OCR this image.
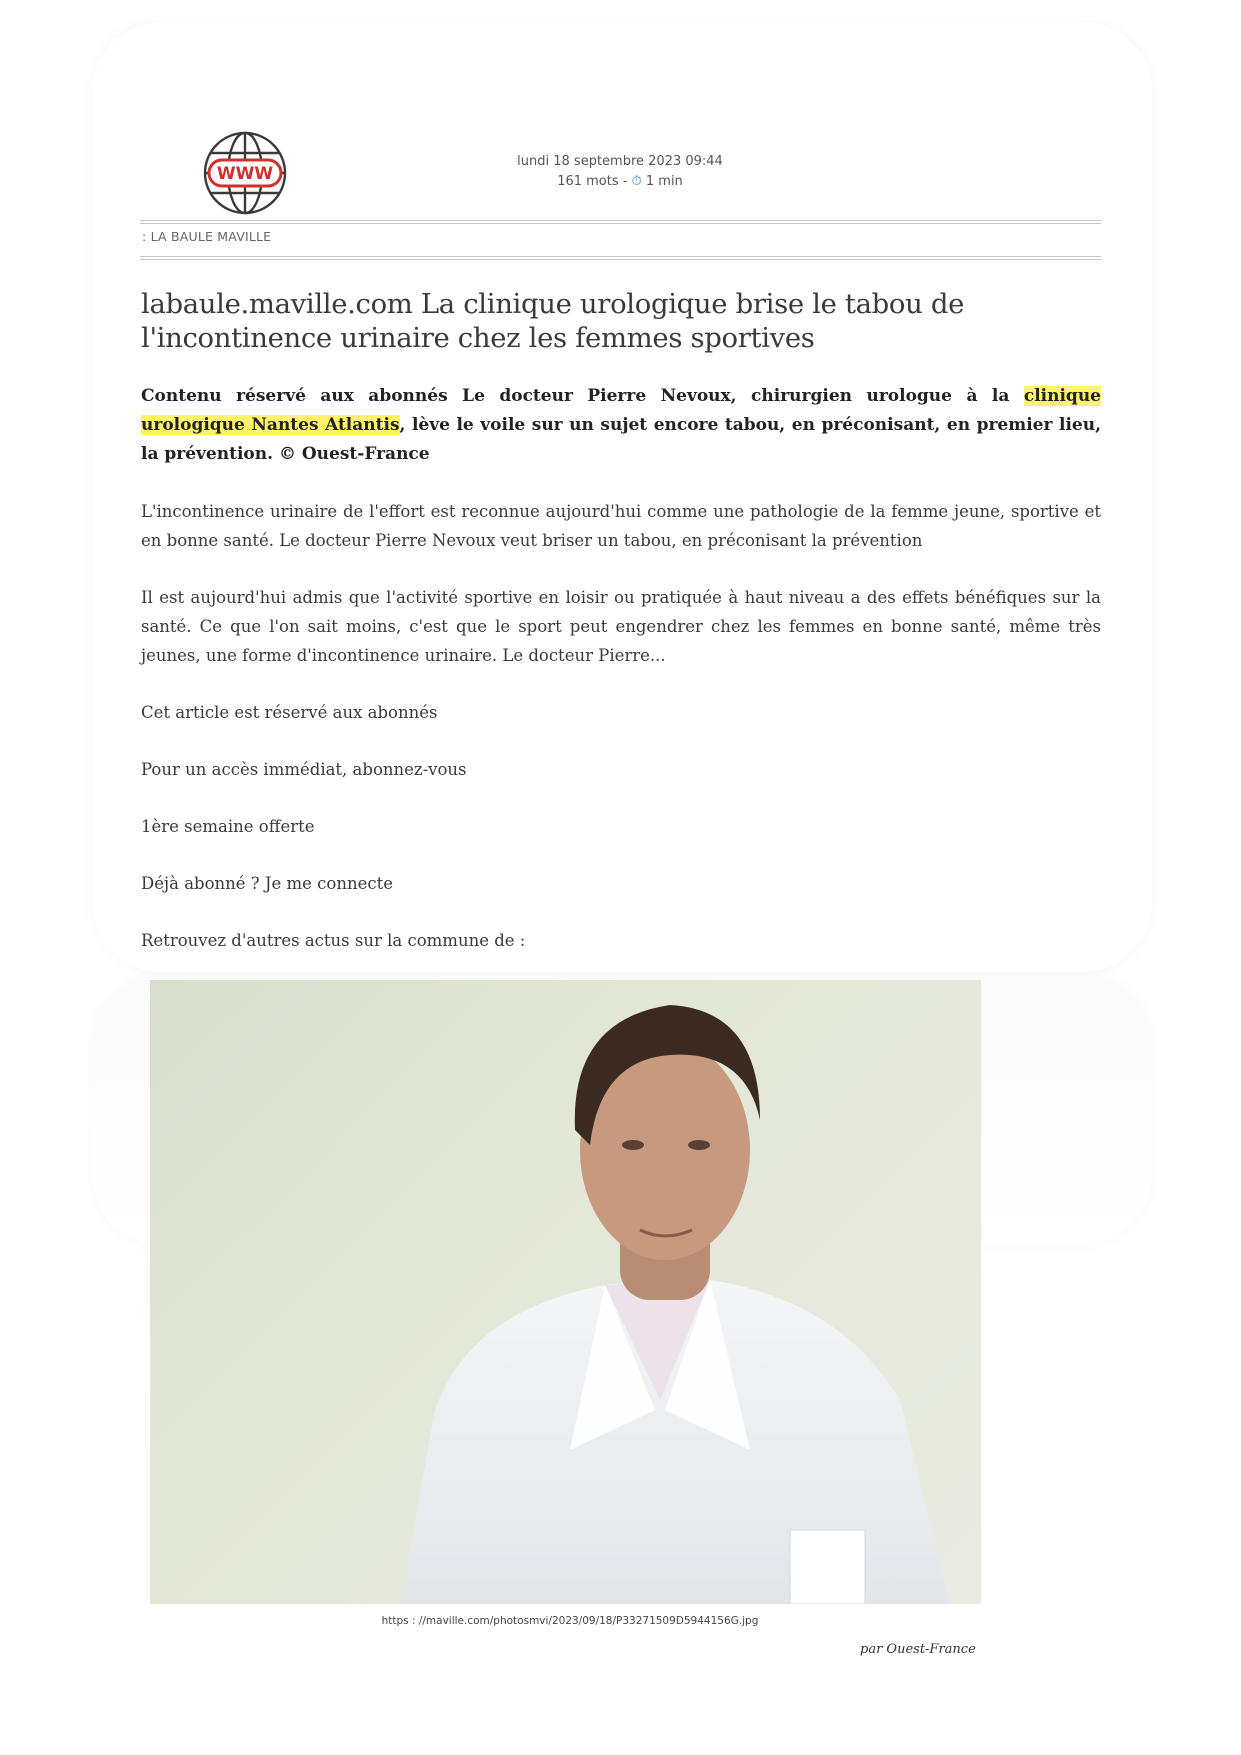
WWW
lundi 18 septembre 2023 09:44
161 mots - ⏱ 1 min
: LA BAULE MAVILLE
labaule.maville.com La clinique urologique brise le tabou de l'incontinence urinaire chez les femmes sportives

Contenu réservé aux abonnés Le docteur Pierre Nevoux, chirurgien urologue à la clinique urologique Nantes Atlantis, lève le voile sur un sujet encore tabou, en préconisant, en premier lieu, la prévention. © Ouest-France

L'incontinence urinaire de l'effort est reconnue aujourd'hui comme une pathologie de la femme jeune, sportive et en bonne santé. Le docteur Pierre Nevoux veut briser un tabou, en préconisant la prévention

Il est aujourd'hui admis que l'activité sportive en loisir ou pratiquée à haut niveau a des effets bénéfiques sur la santé. Ce que l'on sait moins, c'est que le sport peut engendrer chez les femmes en bonne santé, même très jeunes, une forme d'incontinence urinaire. Le docteur Pierre...

Cet article est réservé aux abonnés

Pour un accès immédiat, abonnez-vous

1ère semaine offerte

Déjà abonné ? Je me connecte

Retrouvez d'autres actus sur la commune de :

https : //maville.com/photosmvi/2023/09/18/P33271509D5944156G.jpg
par Ouest-France
